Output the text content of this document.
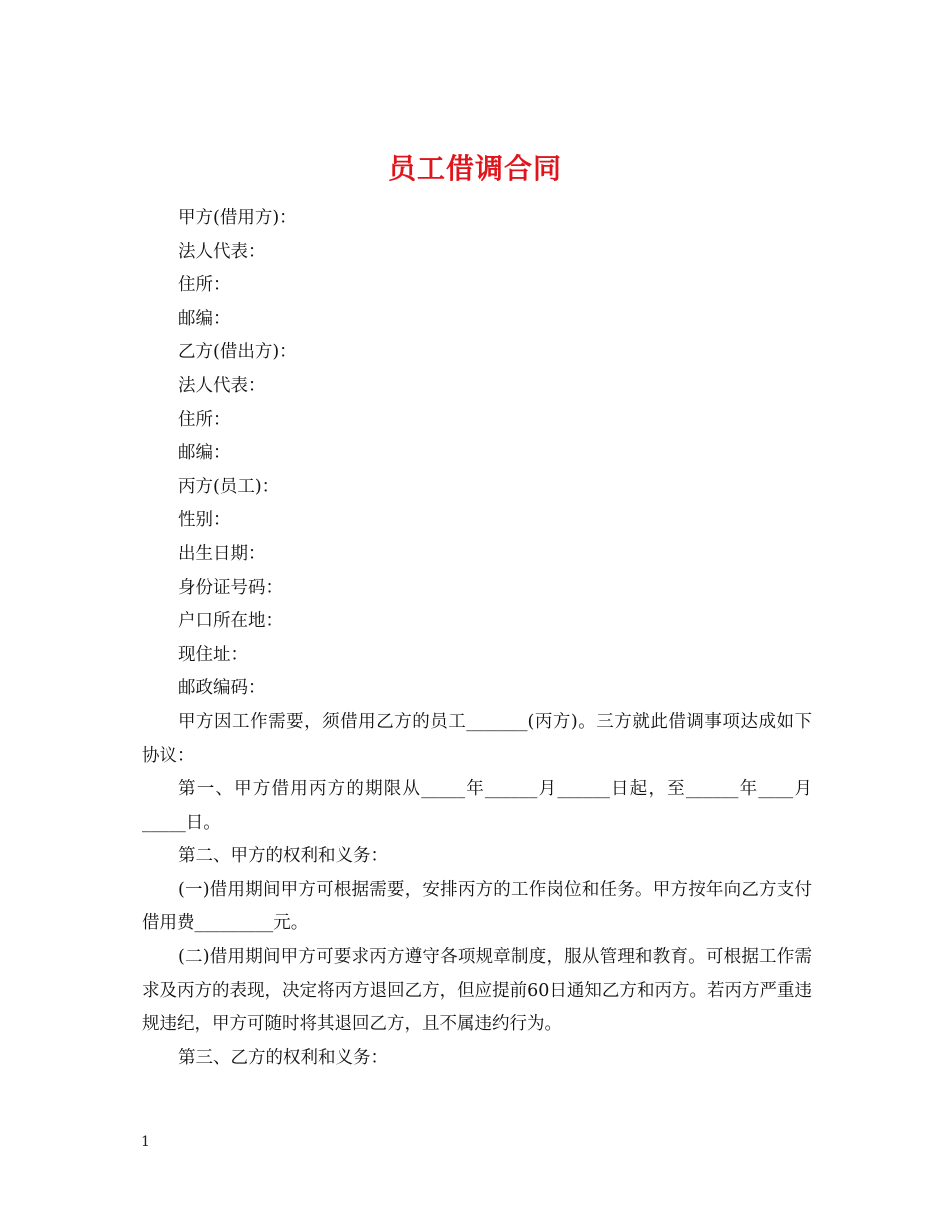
员工借调合同

甲方(借用方)：

法人代表：

住所：

邮编：

乙方(借出方)：

法人代表：

住所：

邮编：

丙方(员工)：

性别：

出生日期：

身份证号码：

户口所在地：

现住址：

邮政编码：

甲方因工作需要，须借用乙方的员工_______(丙方)。三方就此借调事项达成如下协议：

第一、甲方借用丙方的期限从_____年______月______日起，至______年____月_____日。

第二、甲方的权利和义务：

(一)借用期间甲方可根据需要，安排丙方的工作岗位和任务。甲方按年向乙方支付借用费_________元。

(二)借用期间甲方可要求丙方遵守各项规章制度，服从管理和教育。可根据工作需求及丙方的表现，决定将丙方退回乙方，但应提前60日通知乙方和丙方。若丙方严重违规违纪，甲方可随时将其退回乙方，且不属违约行为。

第三、乙方的权利和义务：

1
